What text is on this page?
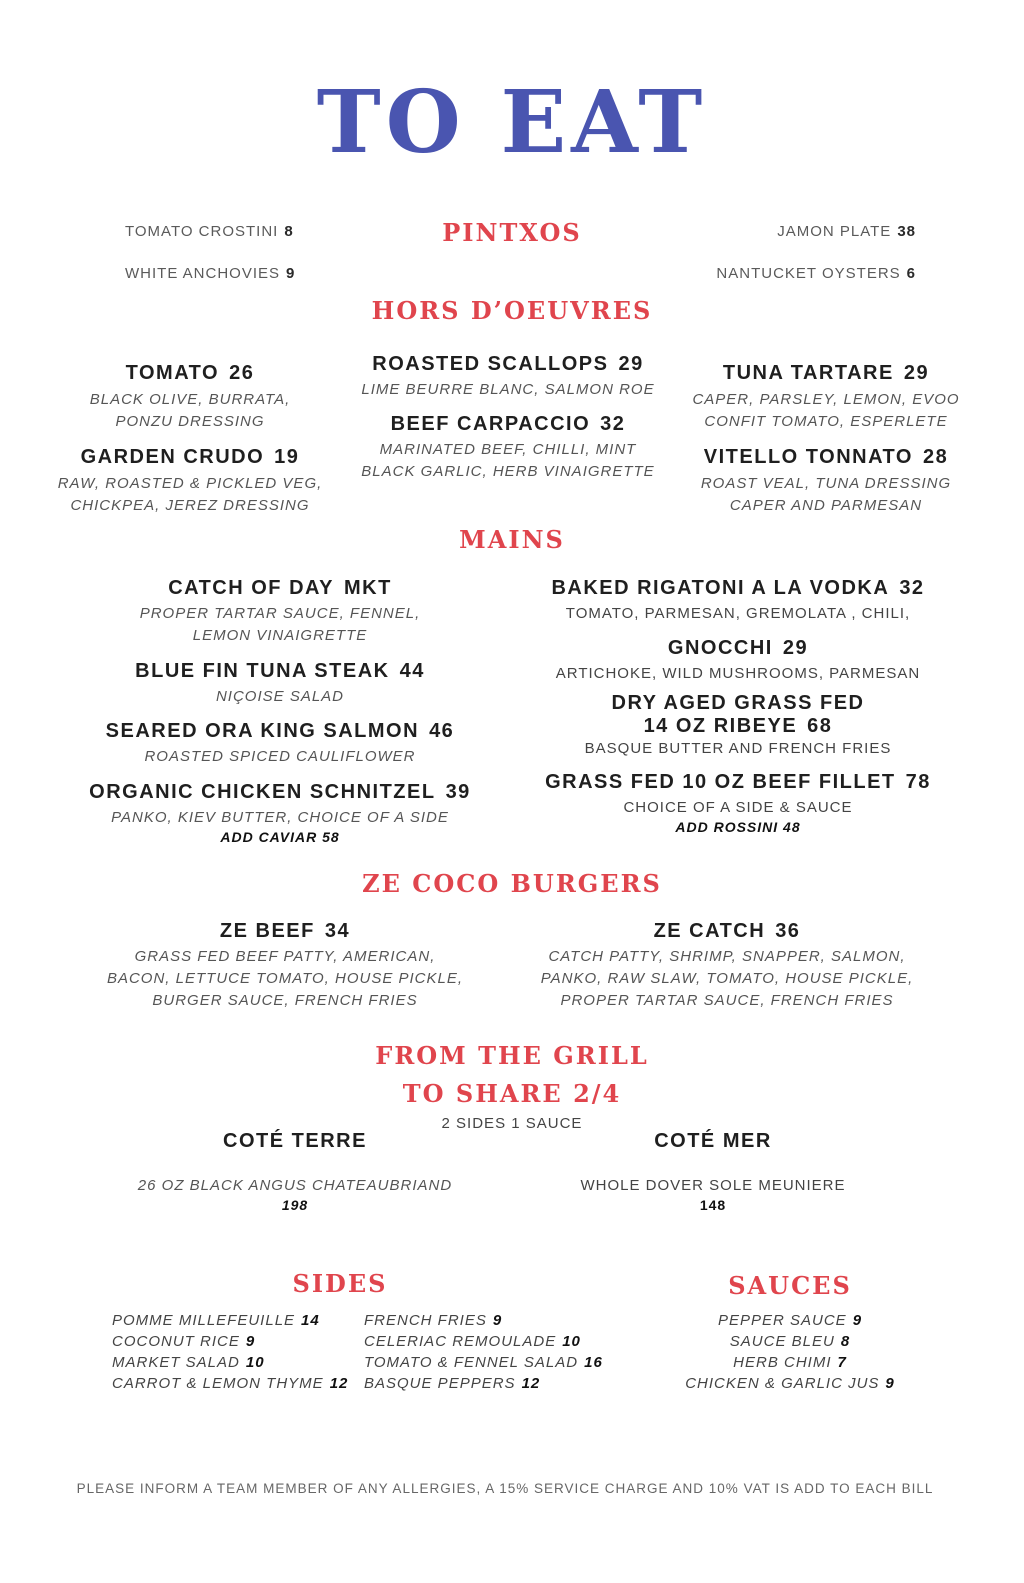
TO EAT
PINTXOS
TOMATO CROSTINI 8
WHITE ANCHOVIES 9
JAMON PLATE 38
NANTUCKET OYSTERS 6
HORS D’OEUVRES
TOMATO 26
BLACK OLIVE, BURRATA,
PONZU DRESSING
GARDEN CRUDO 19
RAW, ROASTED & PICKLED VEG,
CHICKPEA, JEREZ DRESSING
ROASTED SCALLOPS 29
LIME BEURRE BLANC, SALMON ROE
BEEF CARPACCIO 32
MARINATED BEEF, CHILLI, MINT
BLACK GARLIC, HERB VINAIGRETTE
TUNA TARTARE 29
CAPER, PARSLEY, LEMON, EVOO
CONFIT TOMATO, ESPERLETE
VITELLO TONNATO 28
ROAST VEAL, TUNA DRESSING
CAPER AND PARMESAN
MAINS
CATCH OF DAY MKT
PROPER TARTAR SAUCE, FENNEL,
LEMON VINAIGRETTE
BLUE FIN TUNA STEAK 44
NIÇOISE SALAD
SEARED ORA KING SALMON 46
ROASTED SPICED CAULIFLOWER
ORGANIC CHICKEN SCHNITZEL 39
PANKO, KIEV BUTTER, CHOICE OF A SIDE
ADD CAVIAR 58
BAKED RIGATONI A LA VODKA 32
TOMATO, PARMESAN, GREMOLATA , CHILI,
GNOCCHI 29
ARTICHOKE, WILD MUSHROOMS, PARMESAN
DRY AGED GRASS FED
14 OZ RIBEYE 68
BASQUE BUTTER AND FRENCH FRIES
GRASS FED 10 OZ BEEF FILLET 78
CHOICE OF A SIDE & SAUCE
ADD ROSSINI 48
ZE COCO BURGERS
ZE BEEF 34
GRASS FED BEEF PATTY, AMERICAN,
BACON, LETTUCE TOMATO, HOUSE PICKLE,
BURGER SAUCE, FRENCH FRIES
ZE CATCH 36
CATCH PATTY, SHRIMP, SNAPPER, SALMON,
PANKO, RAW SLAW, TOMATO, HOUSE PICKLE,
PROPER TARTAR SAUCE, FRENCH FRIES
FROM THE GRILL
TO SHARE 2/4
2 SIDES 1 SAUCE
COTÉ TERRE
26 OZ BLACK ANGUS CHATEAUBRIAND
198
COTÉ MER
WHOLE DOVER SOLE MEUNIERE
148
SIDES
POMME MILLEFEUILLE 14
COCONUT RICE 9
MARKET SALAD 10
CARROT & LEMON THYME 12
FRENCH FRIES 9
CELERIAC REMOULADE 10
TOMATO & FENNEL SALAD 16
BASQUE PEPPERS 12
SAUCES
PEPPER SAUCE 9
SAUCE BLEU 8
HERB CHIMI 7
CHICKEN & GARLIC JUS 9
PLEASE INFORM A TEAM MEMBER OF ANY ALLERGIES, A 15% SERVICE CHARGE AND 10% VAT IS ADD TO EACH BILL
